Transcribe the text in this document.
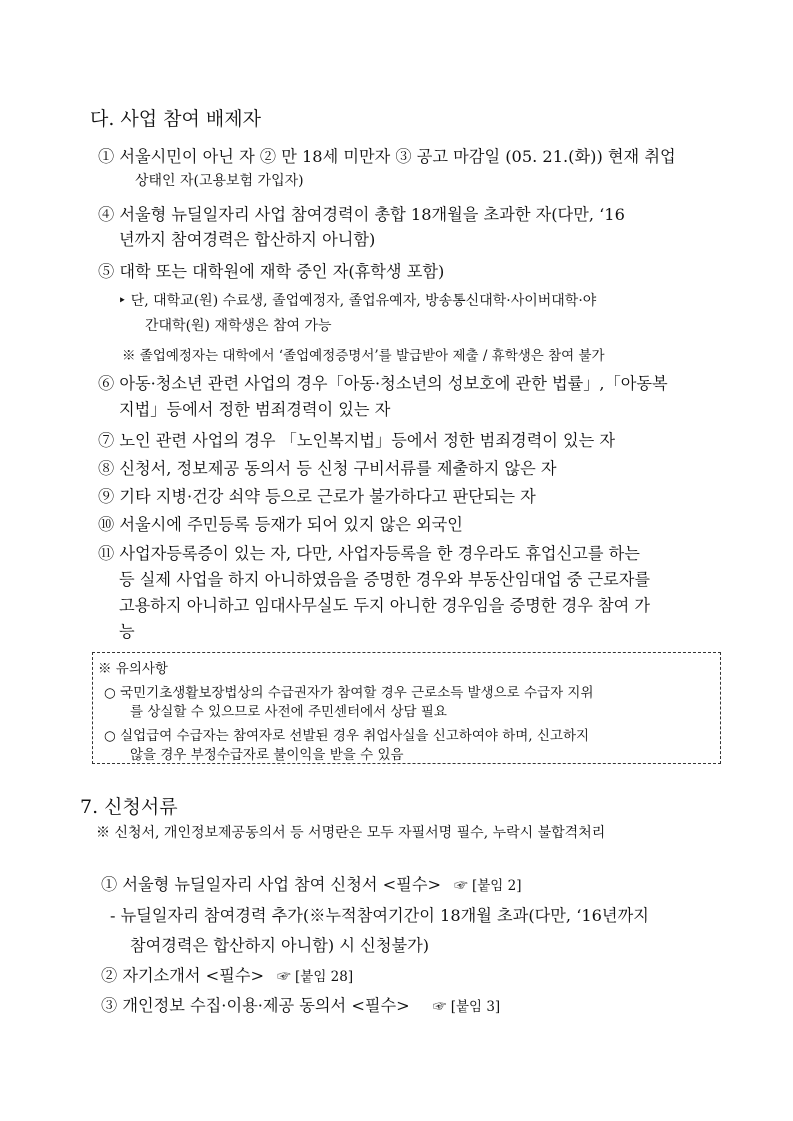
다. 사업 참여 배제자
① 서울시민이 아닌 자 ② 만 18세 미만자 ③ 공고 마감일 (05. 21.(화)) 현재 취업
상태인 자(고용보험 가입자)
④ 서울형 뉴딜일자리 사업 참여경력이 총합 18개월을 초과한 자(다만, ‘16
년까지 참여경력은 합산하지 아니함)
⑤ 대학 또는 대학원에 재학 중인 자(휴학생 포함)
‣ 단, 대학교(원) 수료생, 졸업예정자, 졸업유예자, 방송통신대학·사이버대학·야
간대학(원) 재학생은 참여 가능
※ 졸업예정자는 대학에서 ‘졸업예정증명서’를 발급받아 제출 / 휴학생은 참여 불가
⑥ 아동·청소년 관련 사업의 경우「아동·청소년의 성보호에 관한 법률」,「아동복
지법」등에서 정한 범죄경력이 있는 자
⑦ 노인 관련 사업의 경우 「노인복지법」등에서 정한 범죄경력이 있는 자
⑧ 신청서, 정보제공 동의서 등 신청 구비서류를 제출하지 않은 자
⑨ 기타 지병·건강 쇠약 등으로 근로가 불가하다고 판단되는 자
⑩ 서울시에 주민등록 등재가 되어 있지 않은 외국인
⑪ 사업자등록증이 있는 자, 다만, 사업자등록을 한 경우라도 휴업신고를 하는
등 실제 사업을 하지 아니하였음을 증명한 경우와 부동산임대업 중 근로자를
고용하지 아니하고 임대사무실도 두지 아니한 경우임을 증명한 경우 참여 가
능
※ 유의사항
○ 국민기초생활보장법상의 수급권자가 참여할 경우 근로소득 발생으로 수급자 지위
를 상실할 수 있으므로 사전에 주민센터에서 상담 필요
○ 실업급여 수급자는 참여자로 선발된 경우 취업사실을 신고하여야 하며, 신고하지
않을 경우 부정수급자로 불이익을 받을 수 있음
7. 신청서류
※ 신청서, 개인정보제공동의서 등 서명란은 모두 자필서명 필수, 누락시 불합격처리
① 서울형 뉴딜일자리 사업 참여 신청서 <필수> ☞ [붙임 2]
- 뉴딜일자리 참여경력 추가(※누적참여기간이 18개월 초과(다만, ‘16년까지
참여경력은 합산하지 아니함) 시 신청불가)
② 자기소개서 <필수> ☞ [붙임 28]
③ 개인정보 수집·이용·제공 동의서 <필수> ☞ [붙임 3]
